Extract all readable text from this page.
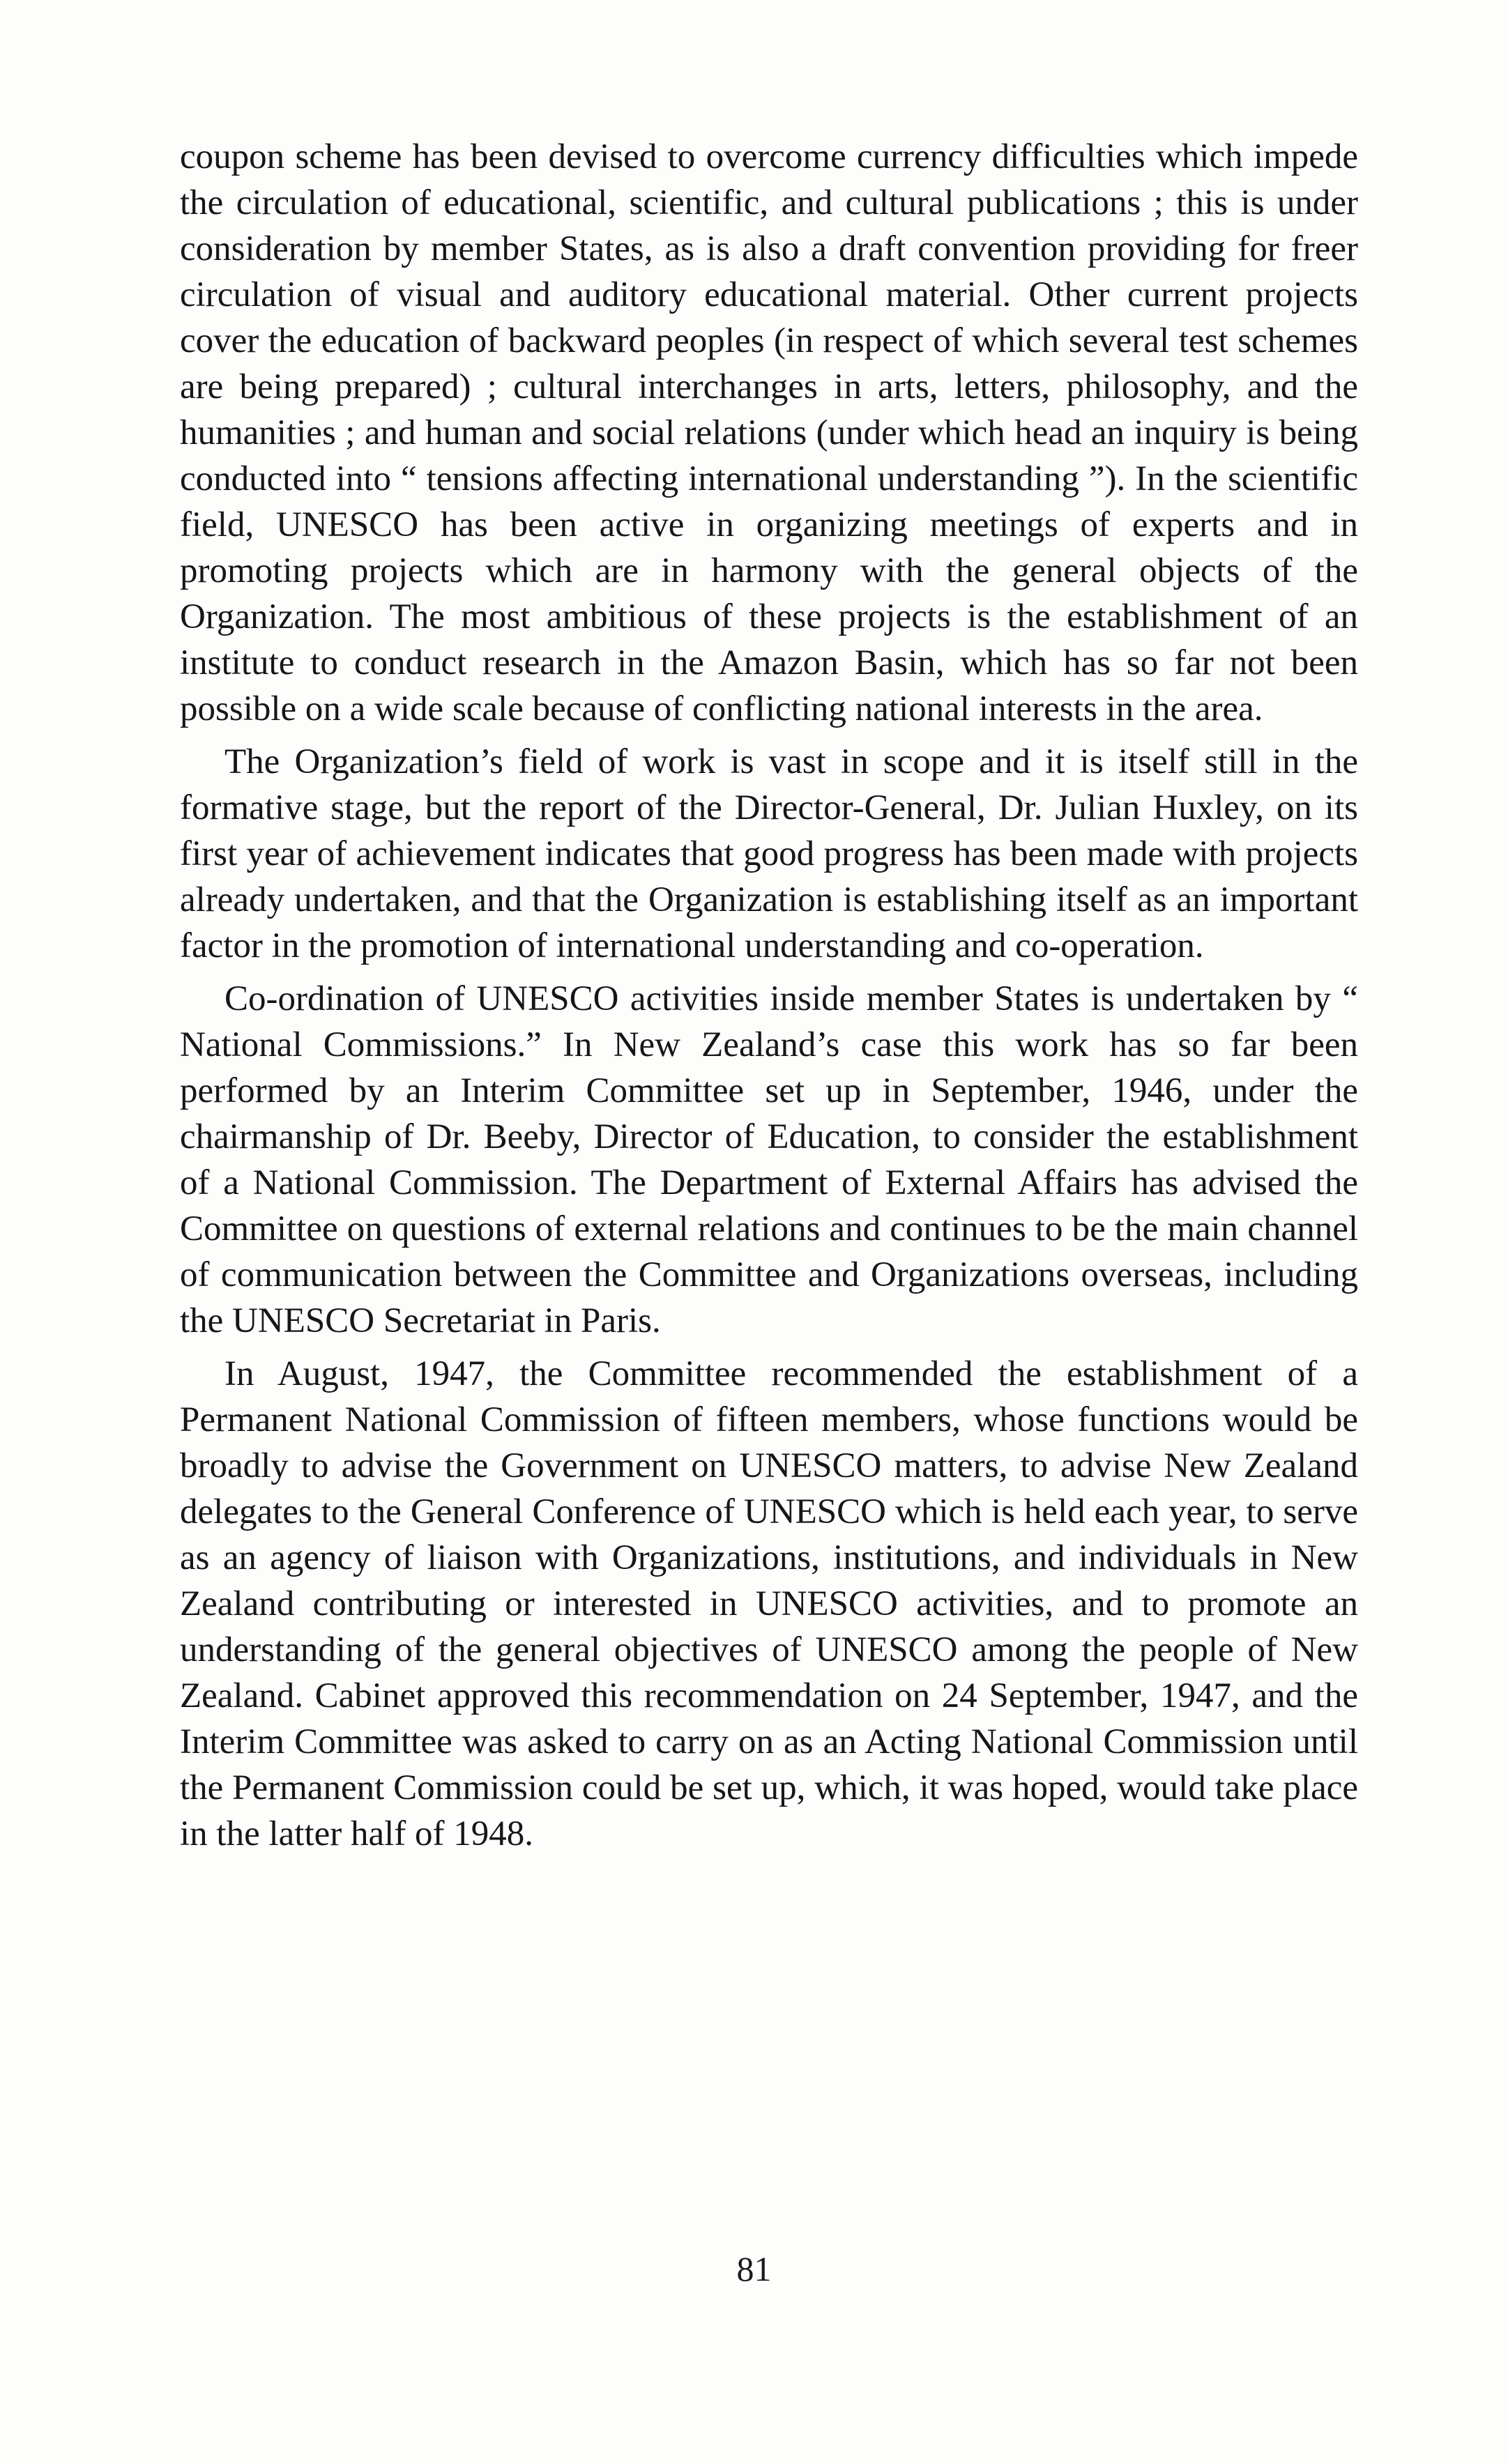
coupon scheme has been devised to overcome currency difficulties which impede the circulation of educational, scientific, and cultural publications ; this is under consideration by member States, as is also a draft convention providing for freer circulation of visual and auditory educational material. Other current projects cover the education of backward peoples (in respect of which several test schemes are being prepared) ; cultural interchanges in arts, letters, philosophy, and the humanities ; and human and social relations (under which head an inquiry is being conducted into “ tensions affecting international understanding ”). In the scientific field, UNESCO has been active in organizing meetings of experts and in promoting projects which are in harmony with the general objects of the Organization. The most ambitious of these projects is the establishment of an institute to conduct research in the Amazon Basin, which has so far not been possible on a wide scale because of conflicting national interests in the area.

The Organization’s field of work is vast in scope and it is itself still in the formative stage, but the report of the Director-General, Dr. Julian Huxley, on its first year of achievement indicates that good progress has been made with projects already undertaken, and that the Organization is establishing itself as an important factor in the promotion of international understanding and co-operation.

Co-ordination of UNESCO activities inside member States is undertaken by “ National Commissions.” In New Zealand’s case this work has so far been performed by an Interim Committee set up in September, 1946, under the chairmanship of Dr. Beeby, Director of Education, to consider the establishment of a National Commission. The Department of External Affairs has advised the Committee on questions of external relations and continues to be the main channel of communication between the Committee and Organizations overseas, including the UNESCO Secretariat in Paris.

In August, 1947, the Committee recommended the establishment of a Permanent National Commission of fifteen members, whose functions would be broadly to advise the Government on UNESCO matters, to advise New Zealand delegates to the General Conference of UNESCO which is held each year, to serve as an agency of liaison with Organizations, institutions, and individuals in New Zealand contributing or interested in UNESCO activities, and to promote an understanding of the general objectives of UNESCO among the people of New Zealand. Cabinet approved this recommendation on 24 September, 1947, and the Interim Committee was asked to carry on as an Acting National Commission until the Permanent Commission could be set up, which, it was hoped, would take place in the latter half of 1948.

81
